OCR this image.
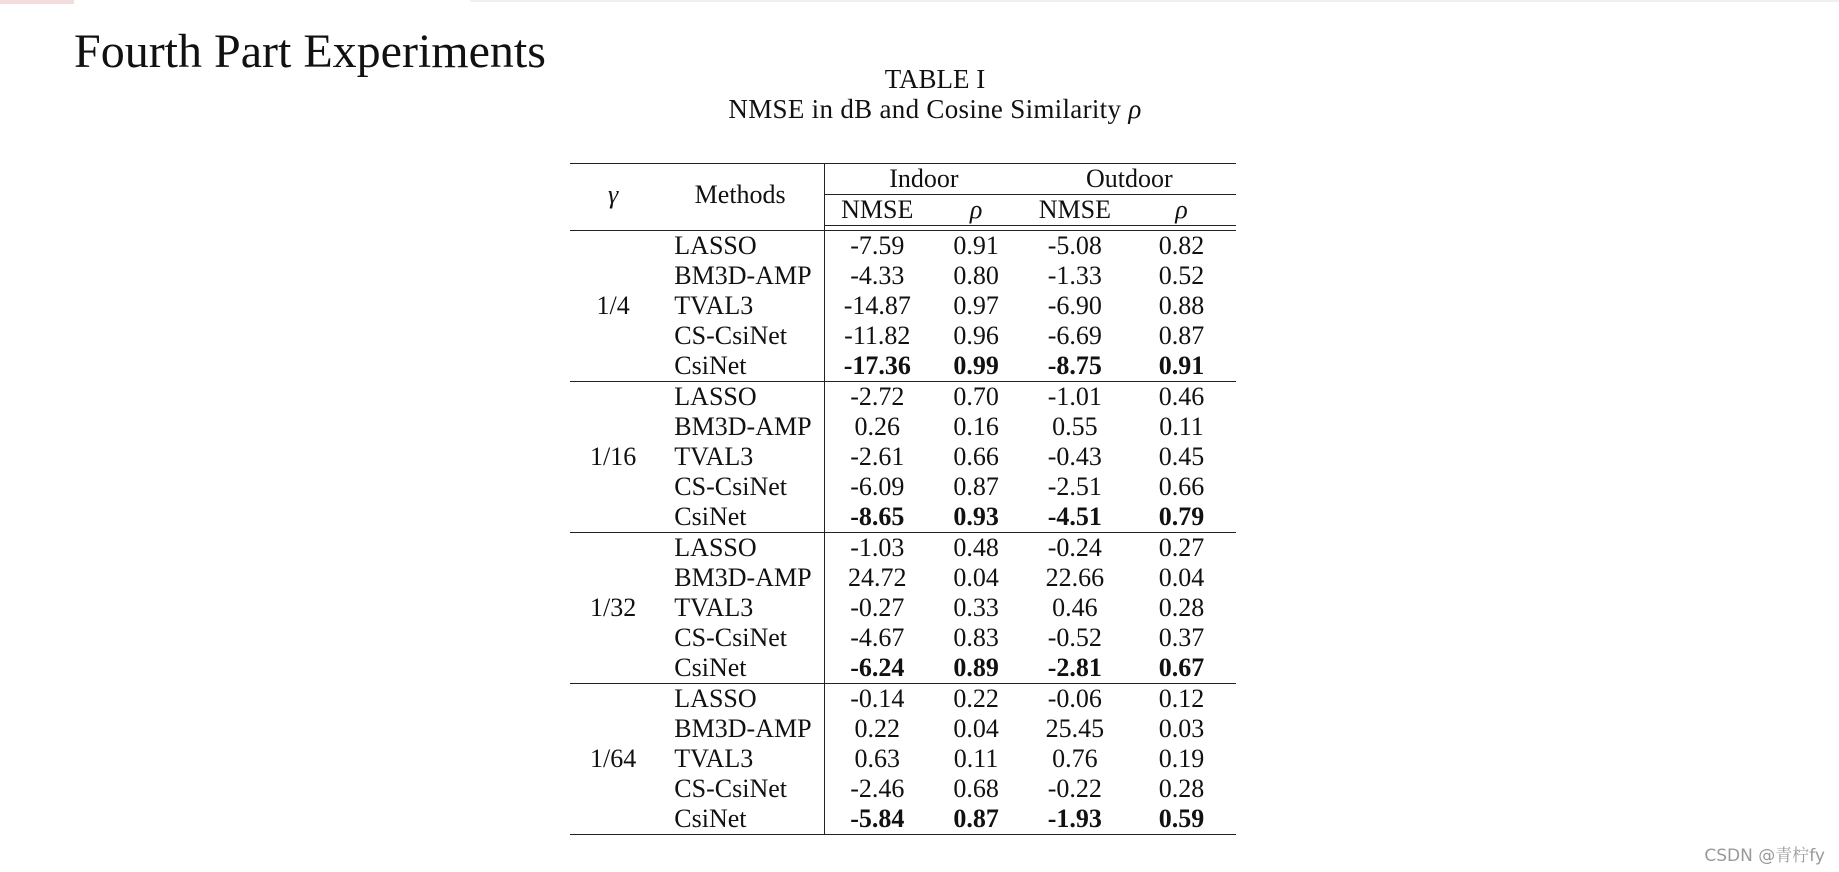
Fourth Part Experiments
TABLE I
NMSE in dB and Cosine Similarity ρ
γ	Methods	Indoor		Outdoor	
		NMSE	ρ	NMSE	ρ

1/4	LASSO	-7.59	0.91	-5.08	0.82
	BM3D-AMP	-4.33	0.80	-1.33	0.52
	TVAL3	-14.87	0.97	-6.90	0.88
	CS-CsiNet	-11.82	0.96	-6.69	0.87
	CsiNet	-17.36	0.99	-8.75	0.91
1/16	LASSO	-2.72	0.70	-1.01	0.46
	BM3D-AMP	0.26	0.16	0.55	0.11
	TVAL3	-2.61	0.66	-0.43	0.45
	CS-CsiNet	-6.09	0.87	-2.51	0.66
	CsiNet	-8.65	0.93	-4.51	0.79
1/32	LASSO	-1.03	0.48	-0.24	0.27
	BM3D-AMP	24.72	0.04	22.66	0.04
	TVAL3	-0.27	0.33	0.46	0.28
	CS-CsiNet	-4.67	0.83	-0.52	0.37
	CsiNet	-6.24	0.89	-2.81	0.67
1/64	LASSO	-0.14	0.22	-0.06	0.12
	BM3D-AMP	0.22	0.04	25.45	0.03
	TVAL3	0.63	0.11	0.76	0.19
	CS-CsiNet	-2.46	0.68	-0.22	0.28
	CsiNet	-5.84	0.87	-1.93	0.59
CSDN @青柠fy
